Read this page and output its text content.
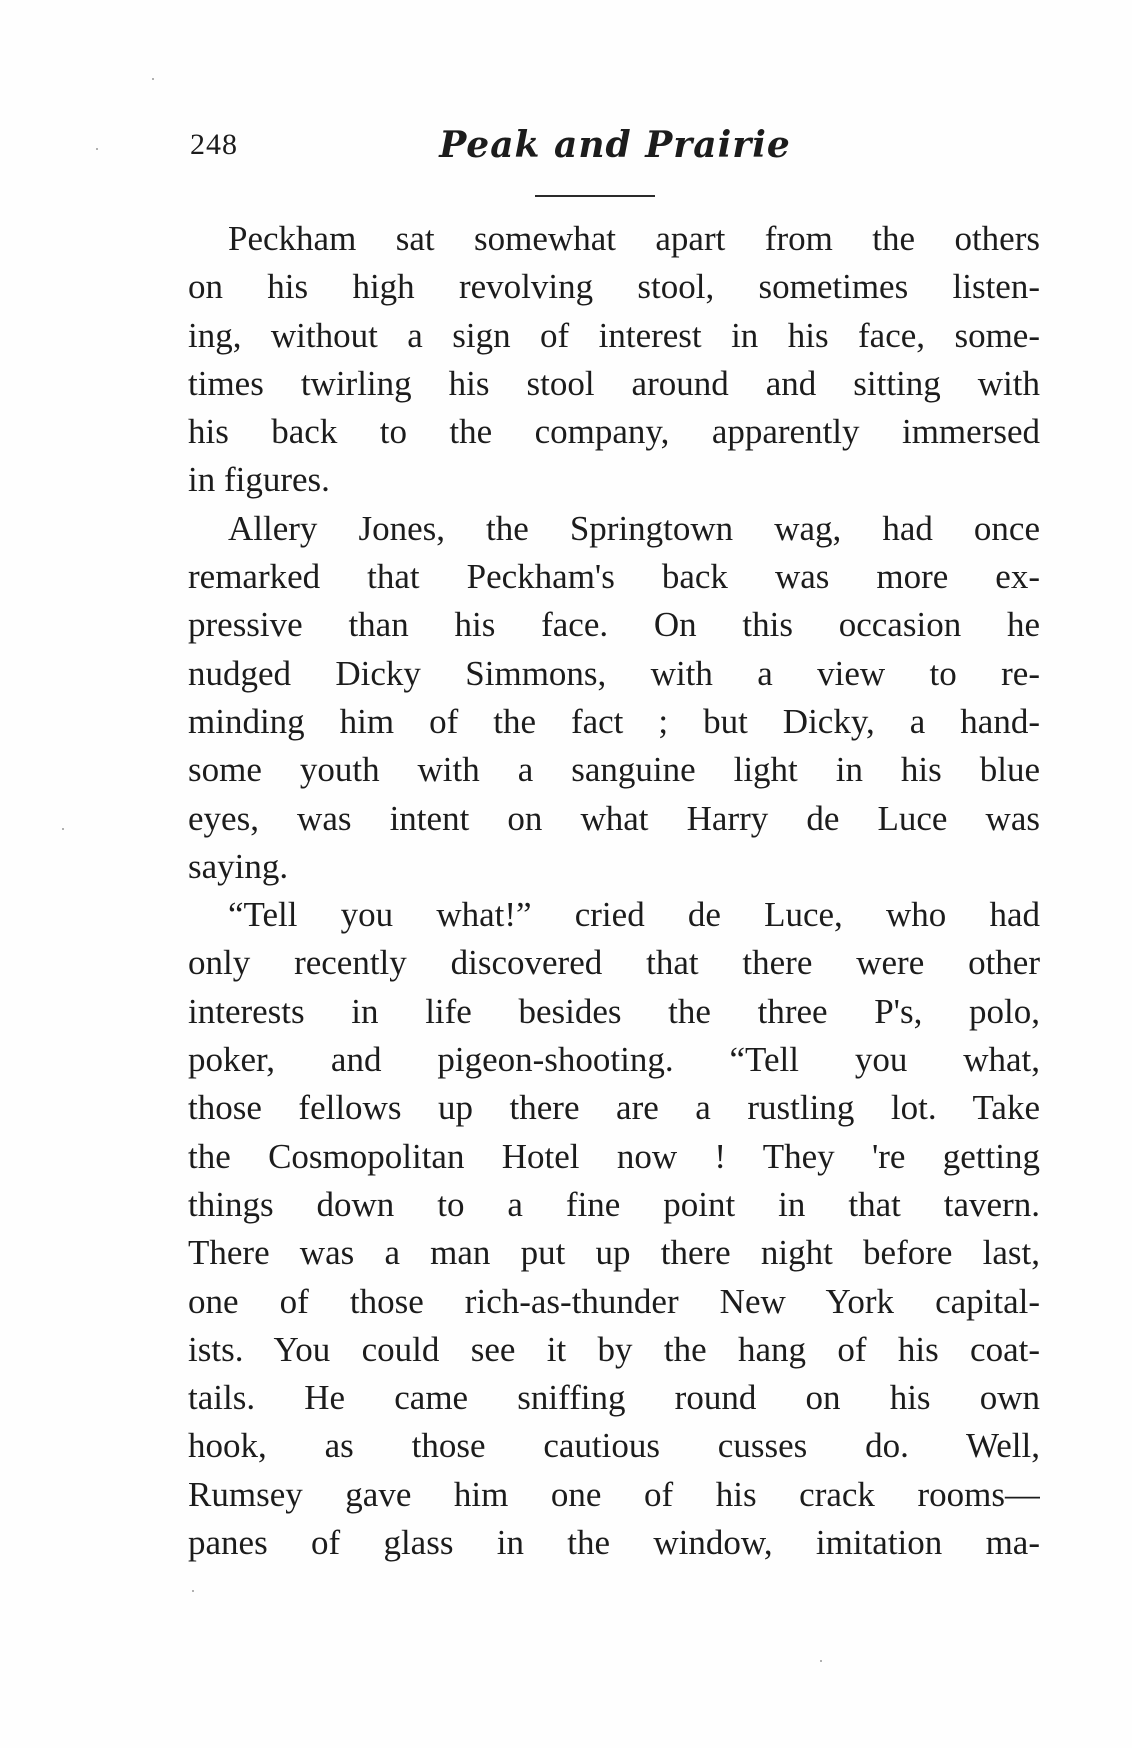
248	Peak and Prairie
Peckham sat somewhat apart from the others
on his high revolving stool, sometimes listen-
ing, without a sign of interest in his face, some-
times twirling his stool around and sitting with
his back to the company, apparently immersed
in figures.
Allery Jones, the Springtown wag, had once
remarked that Peckham's back was more ex-
pressive than his face. On this occasion he
nudged Dicky Simmons, with a view to re-
minding him of the fact ; but Dicky, a hand-
some youth with a sanguine light in his blue
eyes, was intent on what Harry de Luce was
saying.
“Tell you what!” cried de Luce, who had
only recently discovered that there were other
interests in life besides the three P's, polo,
poker, and pigeon-shooting. “Tell you what,
those fellows up there are a rustling lot. Take
the Cosmopolitan Hotel now ! They 're getting
things down to a fine point in that tavern.
There was a man put up there night before last,
one of those rich-as-thunder New York capital-
ists. You could see it by the hang of his coat-
tails. He came sniffing round on his own
hook, as those cautious cusses do. Well,
Rumsey gave him one of his crack rooms—
panes of glass in the window, imitation ma-
